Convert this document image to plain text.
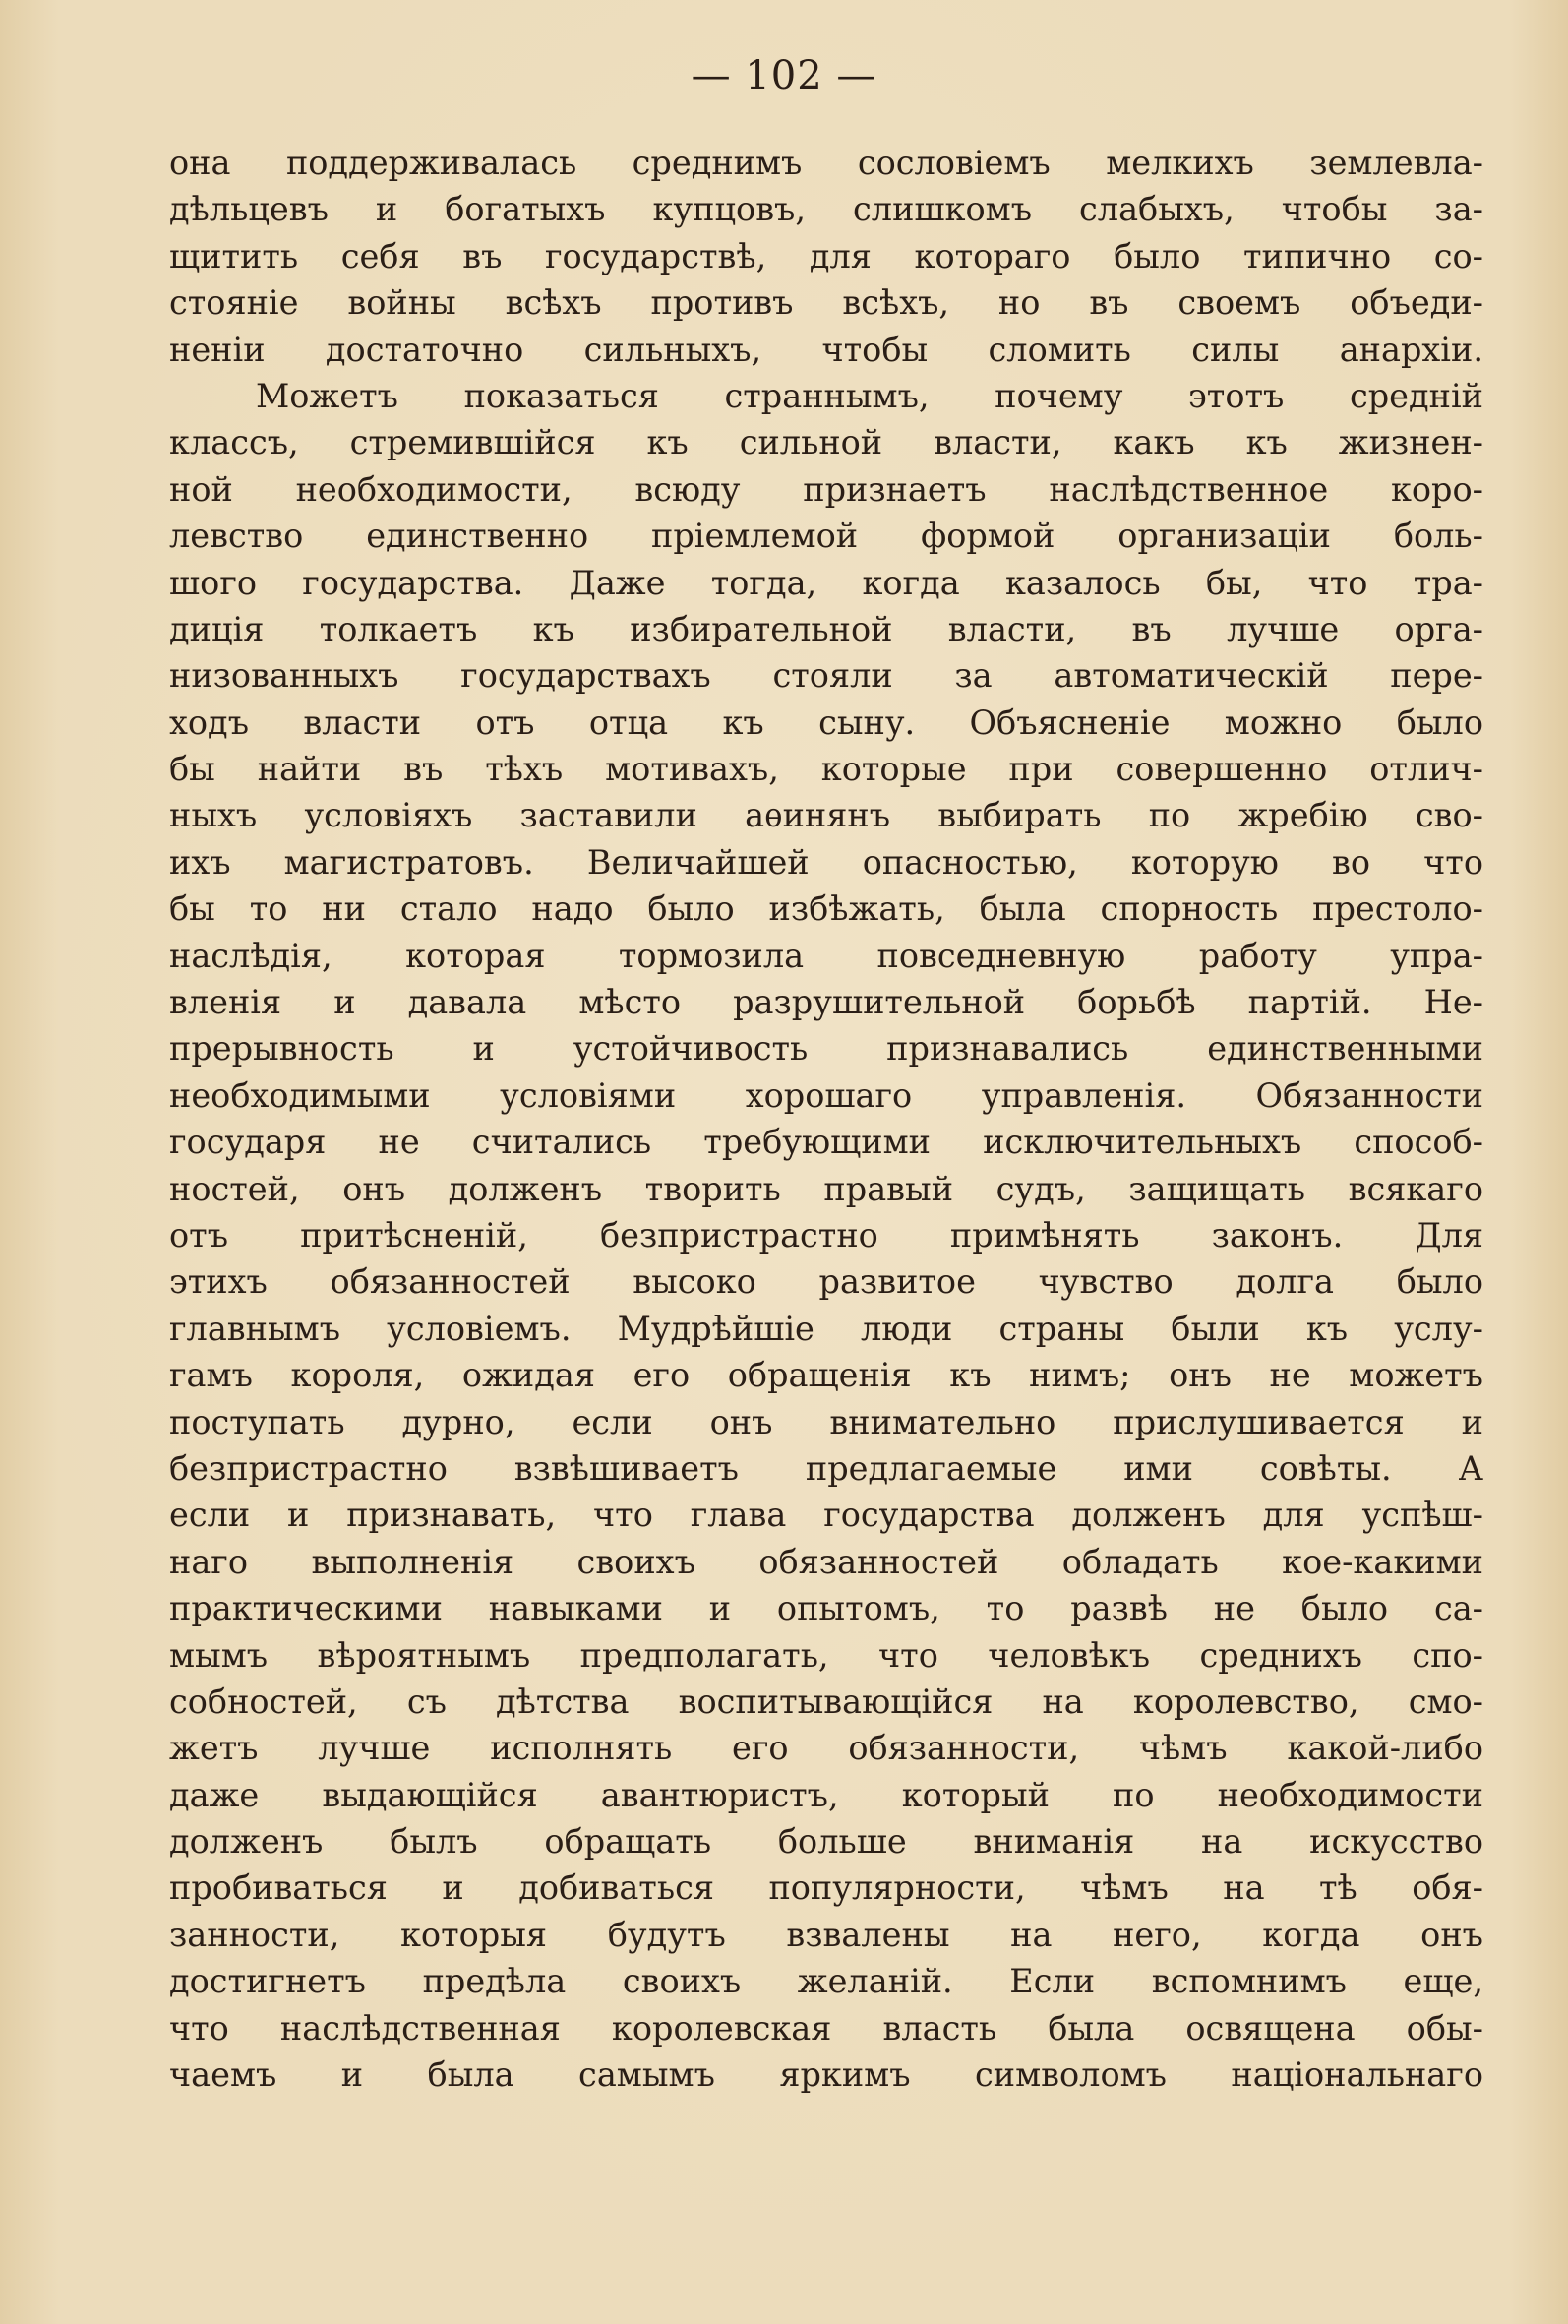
— 102 —
она поддерживалась среднимъ сословіемъ мелкихъ землевла-
дѣльцевъ и богатыхъ купцовъ, слишкомъ слабыхъ, чтобы за-
щитить себя въ государствѣ, для котораго было типично со-
стояніе войны всѣхъ противъ всѣхъ, но въ своемъ объеди-
неніи достаточно сильныхъ, чтобы сломить силы анархіи.
Можетъ показаться страннымъ, почему этотъ средній
классъ, стремившійся къ сильной власти, какъ къ жизнен-
ной необходимости, всюду признаетъ наслѣдственное коро-
левство единственно пріемлемой формой организаціи боль-
шого государства. Даже тогда, когда казалось бы, что тра-
диція толкаетъ къ избирательной власти, въ лучше орга-
низованныхъ государствахъ стояли за автоматическій пере-
ходъ власти отъ отца къ сыну. Объясненіе можно было
бы найти въ тѣхъ мотивахъ, которые при совершенно отлич-
ныхъ условіяхъ заставили аѳинянъ выбирать по жребію сво-
ихъ магистратовъ. Величайшей опасностью, которую во что
бы то ни стало надо было избѣжать, была спорность престоло-
наслѣдія, которая тормозила повседневную работу упра-
вленія и давала мѣсто разрушительной борьбѣ партій. Не-
прерывность и устойчивость признавались единственными
необходимыми условіями хорошаго управленія. Обязанности
государя не считались требующими исключительныхъ способ-
ностей, онъ долженъ творить правый судъ, защищать всякаго
отъ притѣсненій, безпристрастно примѣнять законъ. Для
этихъ обязанностей высоко развитое чувство долга было
главнымъ условіемъ. Мудрѣйшіе люди страны были къ услу-
гамъ короля, ожидая его обращенія къ нимъ; онъ не можетъ
поступать дурно, если онъ внимательно прислушивается и
безпристрастно взвѣшиваетъ предлагаемые ими совѣты. А
если и признавать, что глава государства долженъ для успѣш-
наго выполненія своихъ обязанностей обладать кое-какими
практическими навыками и опытомъ, то развѣ не было са-
мымъ вѣроятнымъ предполагать, что человѣкъ среднихъ спо-
собностей, съ дѣтства воспитывающійся на королевство, смо-
жетъ лучше исполнять его обязанности, чѣмъ какой-либо
даже выдающійся авантюристъ, который по необходимости
долженъ былъ обращать больше вниманія на искусство
пробиваться и добиваться популярности, чѣмъ на тѣ обя-
занности, которыя будутъ взвалены на него, когда онъ
достигнетъ предѣла своихъ желаній. Если вспомнимъ еще,
что наслѣдственная королевская власть была освящена обы-
чаемъ и была самымъ яркимъ символомъ національнаго
